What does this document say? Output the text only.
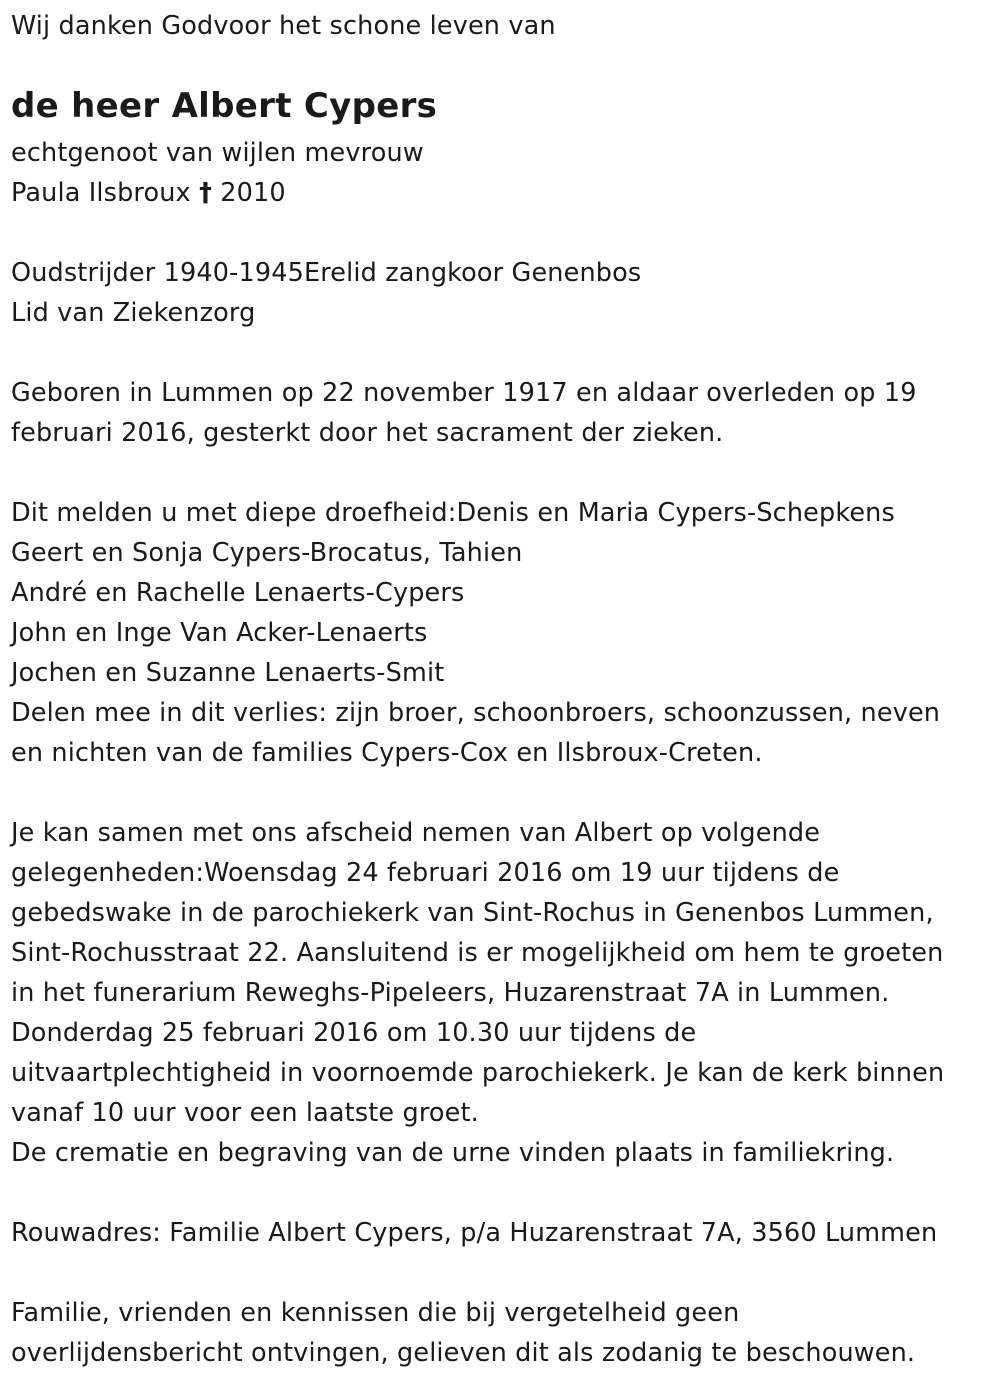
Wij danken Godvoor het schone leven van
de heer Albert Cypers
echtgenoot van wijlen mevrouw
Paula Ilsbroux † 2010
Oudstrijder 1940-1945Erelid zangkoor Genenbos
Lid van Ziekenzorg
Geboren in Lummen op 22 november 1917 en aldaar overleden op 19
februari 2016, gesterkt door het sacrament der zieken.
Dit melden u met diepe droefheid:Denis en Maria Cypers-Schepkens
Geert en Sonja Cypers-Brocatus, Tahien
André en Rachelle Lenaerts-Cypers
John en Inge Van Acker-Lenaerts
Jochen en Suzanne Lenaerts-Smit
Delen mee in dit verlies: zijn broer, schoonbroers, schoonzussen, neven
en nichten van de families Cypers-Cox en Ilsbroux-Creten.
Je kan samen met ons afscheid nemen van Albert op volgende
gelegenheden:Woensdag 24 februari 2016 om 19 uur tijdens de
gebedswake in de parochiekerk van Sint-Rochus in Genenbos Lummen,
Sint-Rochusstraat 22. Aansluitend is er mogelijkheid om hem te groeten
in het funerarium Reweghs-Pipeleers, Huzarenstraat 7A in Lummen.
Donderdag 25 februari 2016 om 10.30 uur tijdens de
uitvaartplechtigheid in voornoemde parochiekerk. Je kan de kerk binnen
vanaf 10 uur voor een laatste groet.
De crematie en begraving van de urne vinden plaats in familiekring.
Rouwadres: Familie Albert Cypers, p/a Huzarenstraat 7A, 3560 Lummen
Familie, vrienden en kennissen die bij vergetelheid geen
overlijdensbericht ontvingen, gelieven dit als zodanig te beschouwen.
